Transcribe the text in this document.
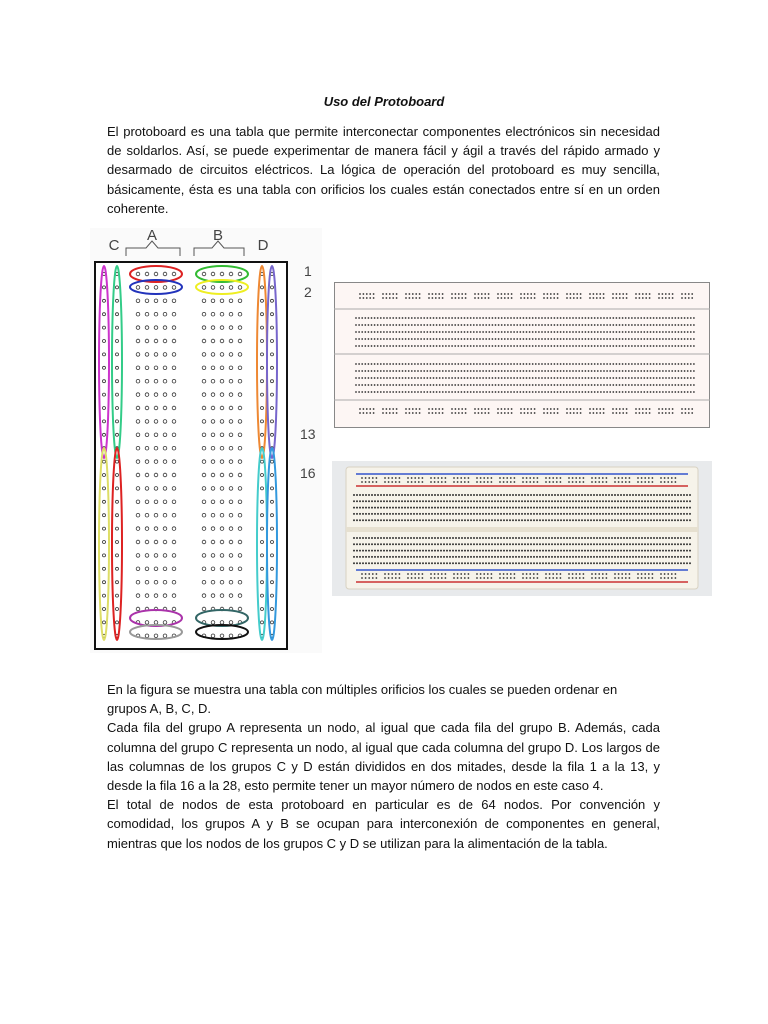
Uso del Protoboard

El protoboard es una tabla que permite interconectar componentes electrónicos sin necesidad de soldarlos. Así, se puede experimentar de manera fácil y ágil a través del rápido armado y desarmado de circuitos eléctricos. La lógica de operación del protoboard es muy sencilla, básicamente, ésta es una tabla con orificios los cuales están conectados entre sí en un orden coherente.

C
A	B
D
1
2
13
16
En la figura se muestra una tabla con múltiples orificios los cuales se pueden ordenar en grupos A, B, C, D.
Cada fila del grupo A representa un nodo, al igual que cada fila del grupo B. Además, cada columna del grupo C representa un nodo, al igual que cada columna del grupo D. Los largos de las columnas de los grupos C y D están divididos en dos mitades, desde la fila 1 a la 13, y desde la fila 16 a la 28, esto permite tener un mayor número de nodos en este caso 4.
El total de nodos de esta protoboard en particular es de 64 nodos. Por convención y comodidad, los grupos A y B se ocupan para interconexión de componentes en general, mientras que los nodos de los grupos C y D se utilizan para la alimentación de la tabla.
